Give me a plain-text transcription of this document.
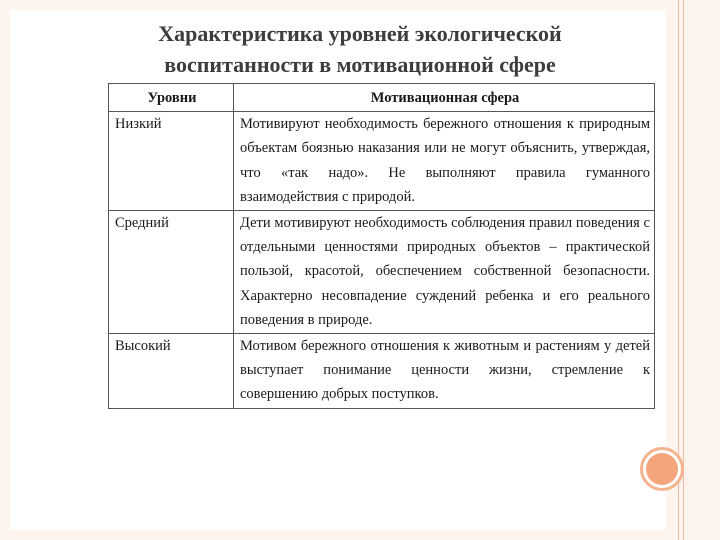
Характеристика уровней экологической
воспитанности в мотивационной сфере
Уровни	Мотивационная сфера
Низкий	Мотивируют необходимость бережного отношения к природным объектам боязнью наказания или не могут объяснить, утверждая, что «так надо». Не выполняют правила гуманного взаимодействия с природой.
Средний	Дети мотивируют необходимость соблюдения правил поведения с отдельными ценностями природных объектов – практической пользой, красотой, обеспечением собственной безопасности. Характерно несовпадение суждений ребенка и его реального поведения в природе.
Высокий	Мотивом бережного отношения к животным и растениям у детей выступает понимание ценности жизни, стремление к совершению добрых поступков.
